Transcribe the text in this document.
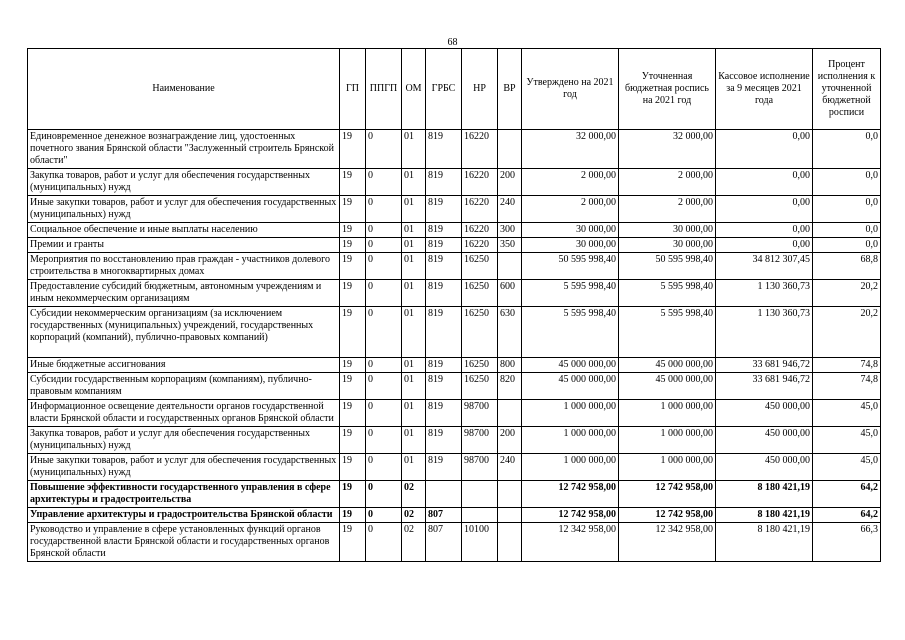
68
Наименование	ГП	ППГП	ОМ	ГРБС	НР	ВР	Утверждено на 2021 год	Уточненная бюджетная роспись на 2021 год	Кассовое исполнение за 9 месяцев 2021 года	Процент исполнения к уточненной бюджетной росписи
Единовременное денежное вознаграждение лиц, удостоенных почетного звания Брянской области "Заслуженный строитель Брянской области"	19	0	01	819	16220		32 000,00	32 000,00	0,00	0,0
Закупка товаров, работ и услуг для обеспечения государственных (муниципальных) нужд	19	0	01	819	16220	200	2 000,00	2 000,00	0,00	0,0
Иные закупки товаров, работ и услуг для обеспечения государственных (муниципальных) нужд	19	0	01	819	16220	240	2 000,00	2 000,00	0,00	0,0
Социальное обеспечение и иные выплаты населению	19	0	01	819	16220	300	30 000,00	30 000,00	0,00	0,0
Премии и гранты	19	0	01	819	16220	350	30 000,00	30 000,00	0,00	0,0
Мероприятия по восстановлению прав граждан - участников долевого строительства в многоквартирных домах	19	0	01	819	16250		50 595 998,40	50 595 998,40	34 812 307,45	68,8
Предоставление субсидий бюджетным, автономным учреждениям и иным некоммерческим организациям	19	0	01	819	16250	600	5 595 998,40	5 595 998,40	1 130 360,73	20,2
Субсидии некоммерческим организациям (за исключением государственных (муниципальных) учреждений, государственных корпораций (компаний), публично-правовых компаний)	19	0	01	819	16250	630	5 595 998,40	5 595 998,40	1 130 360,73	20,2
Иные бюджетные ассигнования	19	0	01	819	16250	800	45 000 000,00	45 000 000,00	33 681 946,72	74,8
Субсидии государственным корпорациям (компаниям), публично-правовым компаниям	19	0	01	819	16250	820	45 000 000,00	45 000 000,00	33 681 946,72	74,8
Информационное освещение деятельности органов государственной власти Брянской области и государственных органов Брянской области	19	0	01	819	98700		1 000 000,00	1 000 000,00	450 000,00	45,0
Закупка товаров, работ и услуг для обеспечения государственных (муниципальных) нужд	19	0	01	819	98700	200	1 000 000,00	1 000 000,00	450 000,00	45,0
Иные закупки товаров, работ и услуг для обеспечения государственных (муниципальных) нужд	19	0	01	819	98700	240	1 000 000,00	1 000 000,00	450 000,00	45,0
Повышение эффективности государственного управления в сфере архитектуры и градостроительства	19	0	02				12 742 958,00	12 742 958,00	8 180 421,19	64,2
Управление архитектуры и градостроительства Брянской области	19	0	02	807			12 742 958,00	12 742 958,00	8 180 421,19	64,2
Руководство и управление в сфере установленных функций органов государственной власти Брянской области и государственных органов Брянской области	19	0	02	807	10100		12 342 958,00	12 342 958,00	8 180 421,19	66,3
